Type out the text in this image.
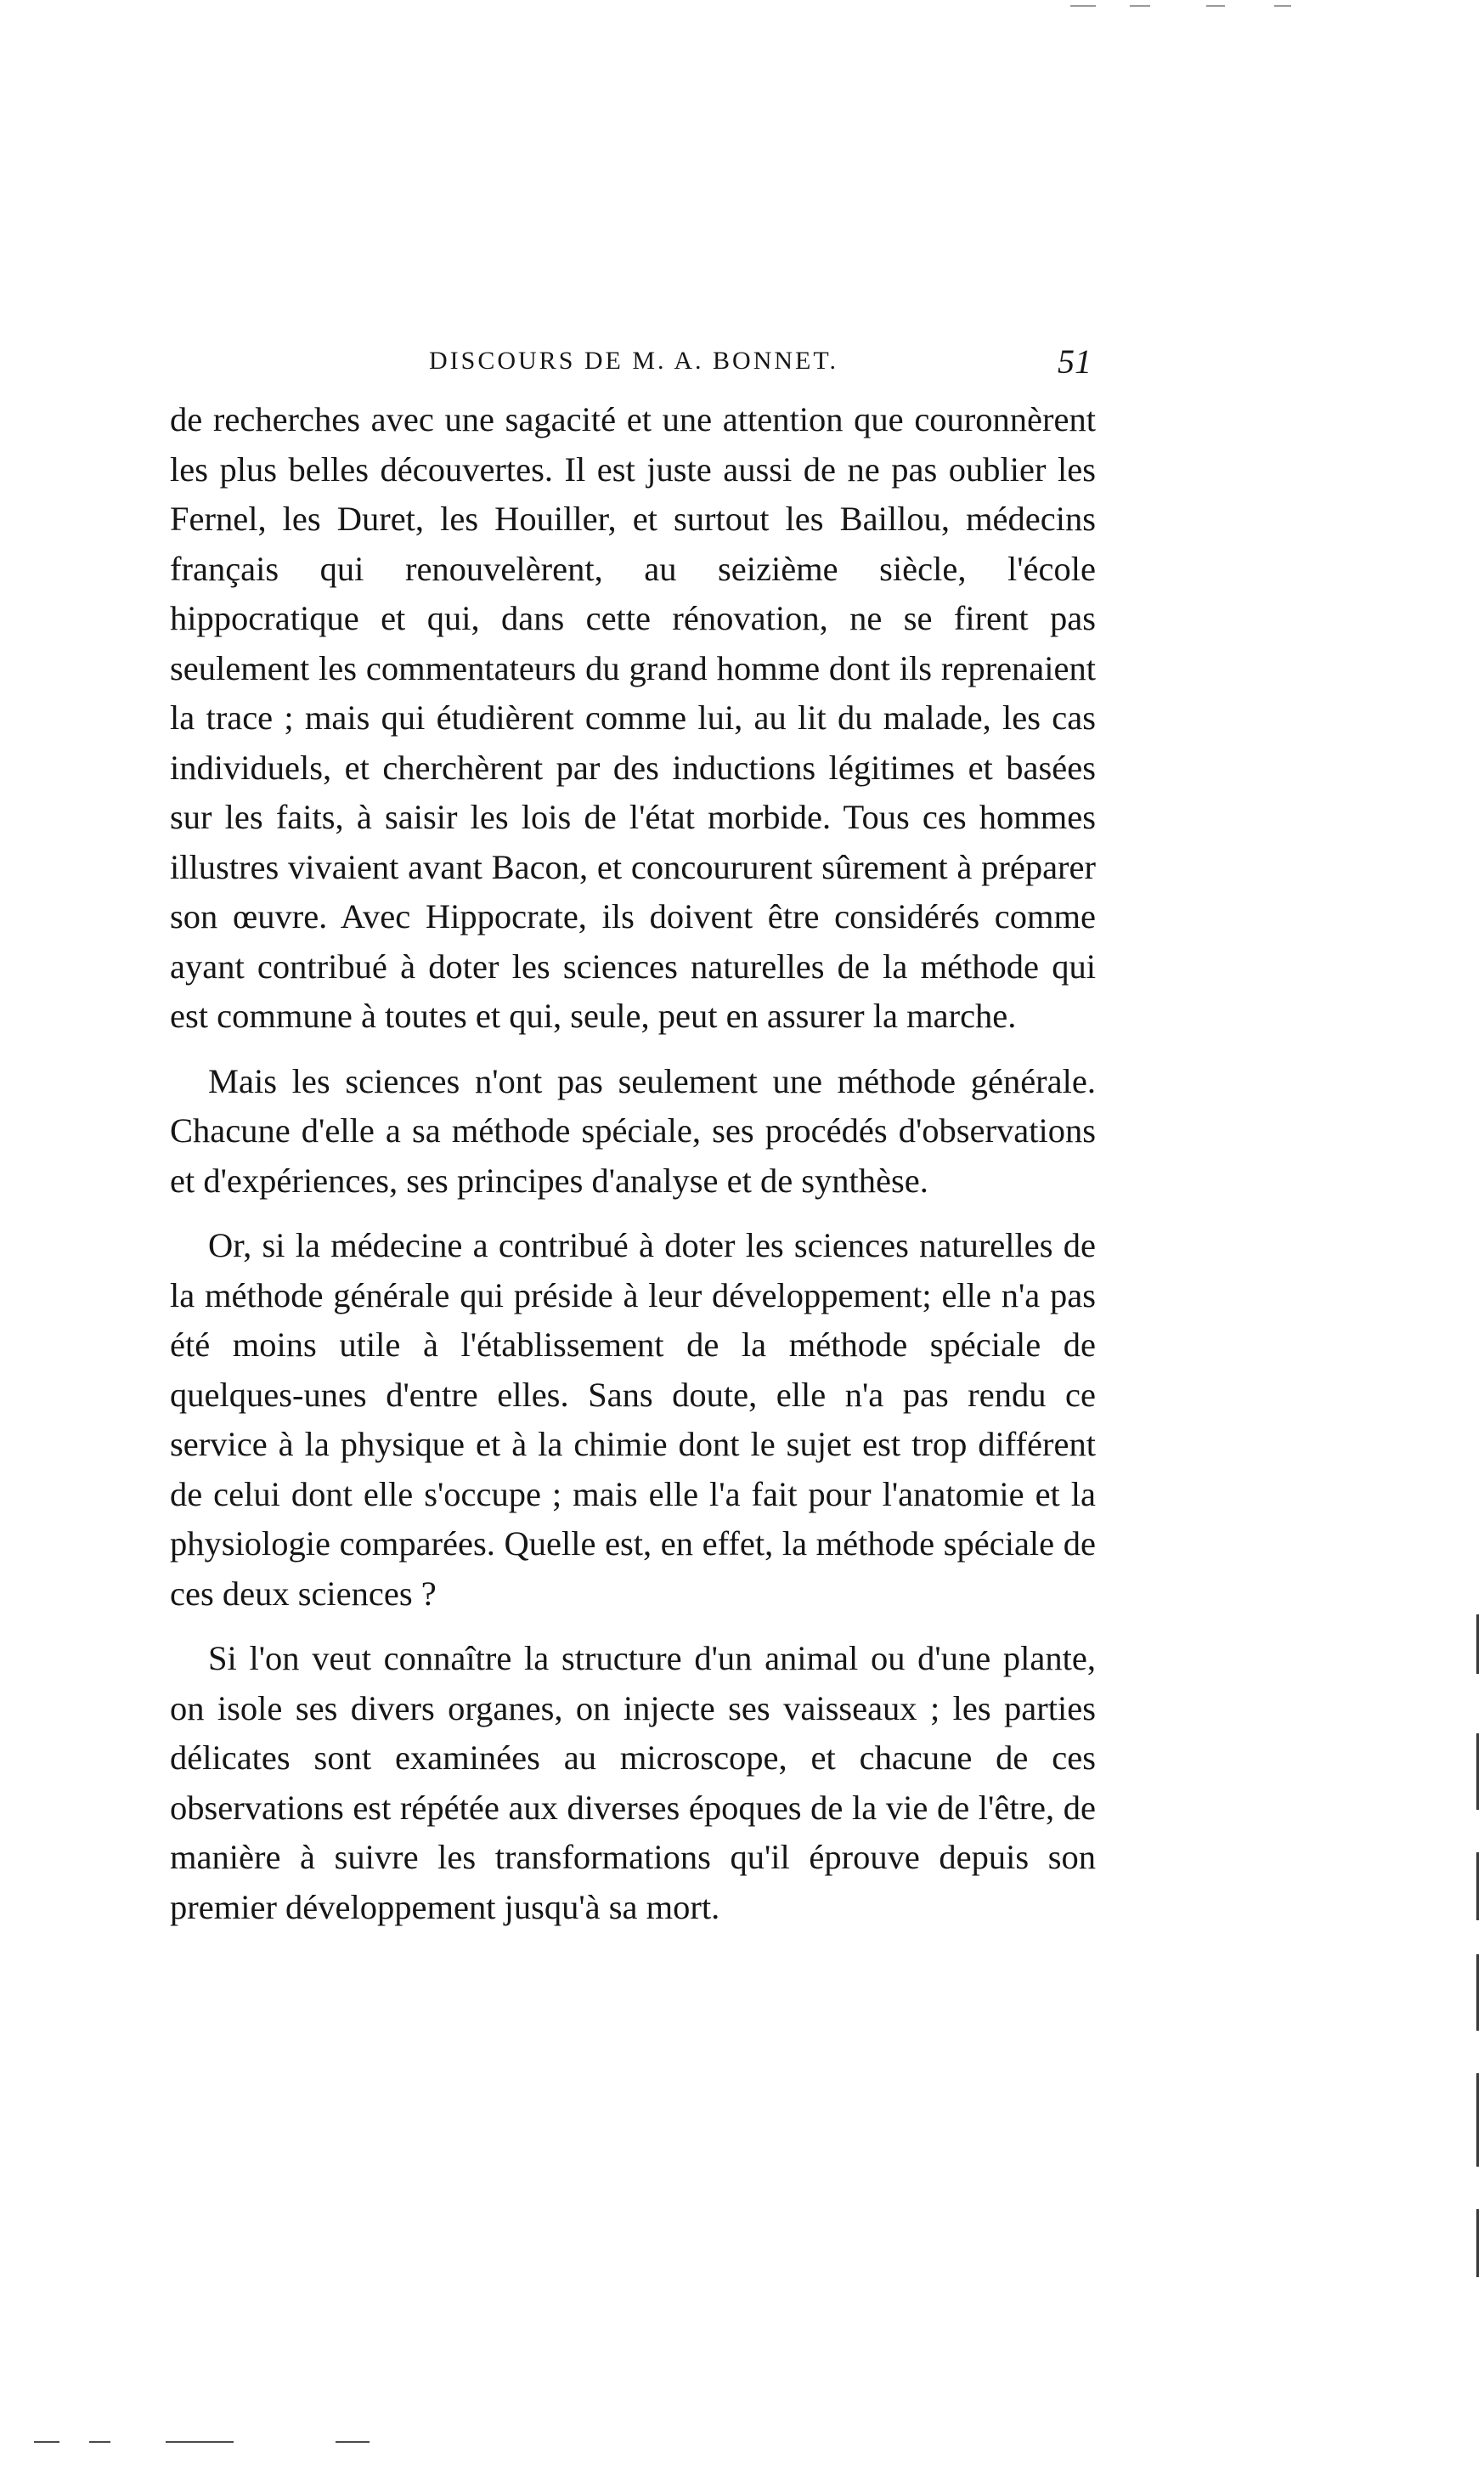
DISCOURS DE M. A. BONNET.	51

de recherches avec une sagacité et une attention que couronnèrent les plus belles découvertes. Il est juste aussi de ne pas oublier les Fernel, les Duret, les Houiller, et surtout les Baillou, médecins français qui renouvelèrent, au seizième siècle, l'école hippocratique et qui, dans cette rénovation, ne se firent pas seulement les commentateurs du grand homme dont ils reprenaient la trace ; mais qui étudièrent comme lui, au lit du malade, les cas individuels, et cherchèrent par des inductions légitimes et basées sur les faits, à saisir les lois de l'état morbide. Tous ces hommes illustres vivaient avant Bacon, et concoururent sûrement à préparer son œuvre. Avec Hippocrate, ils doivent être considérés comme ayant contribué à doter les sciences naturelles de la méthode qui est commune à toutes et qui, seule, peut en assurer la marche.

Mais les sciences n'ont pas seulement une méthode générale. Chacune d'elle a sa méthode spéciale, ses procédés d'observations et d'expériences, ses principes d'analyse et de synthèse.

Or, si la médecine a contribué à doter les sciences naturelles de la méthode générale qui préside à leur développement; elle n'a pas été moins utile à l'établissement de la méthode spéciale de quelques-unes d'entre elles. Sans doute, elle n'a pas rendu ce service à la physique et à la chimie dont le sujet est trop différent de celui dont elle s'occupe ; mais elle l'a fait pour l'anatomie et la physiologie comparées. Quelle est, en effet, la méthode spéciale de ces deux sciences ?

Si l'on veut connaître la structure d'un animal ou d'une plante, on isole ses divers organes, on injecte ses vaisseaux ; les parties délicates sont examinées au microscope, et chacune de ces observations est répétée aux diverses époques de la vie de l'être, de manière à suivre les transformations qu'il éprouve depuis son premier développement jusqu'à sa mort.
